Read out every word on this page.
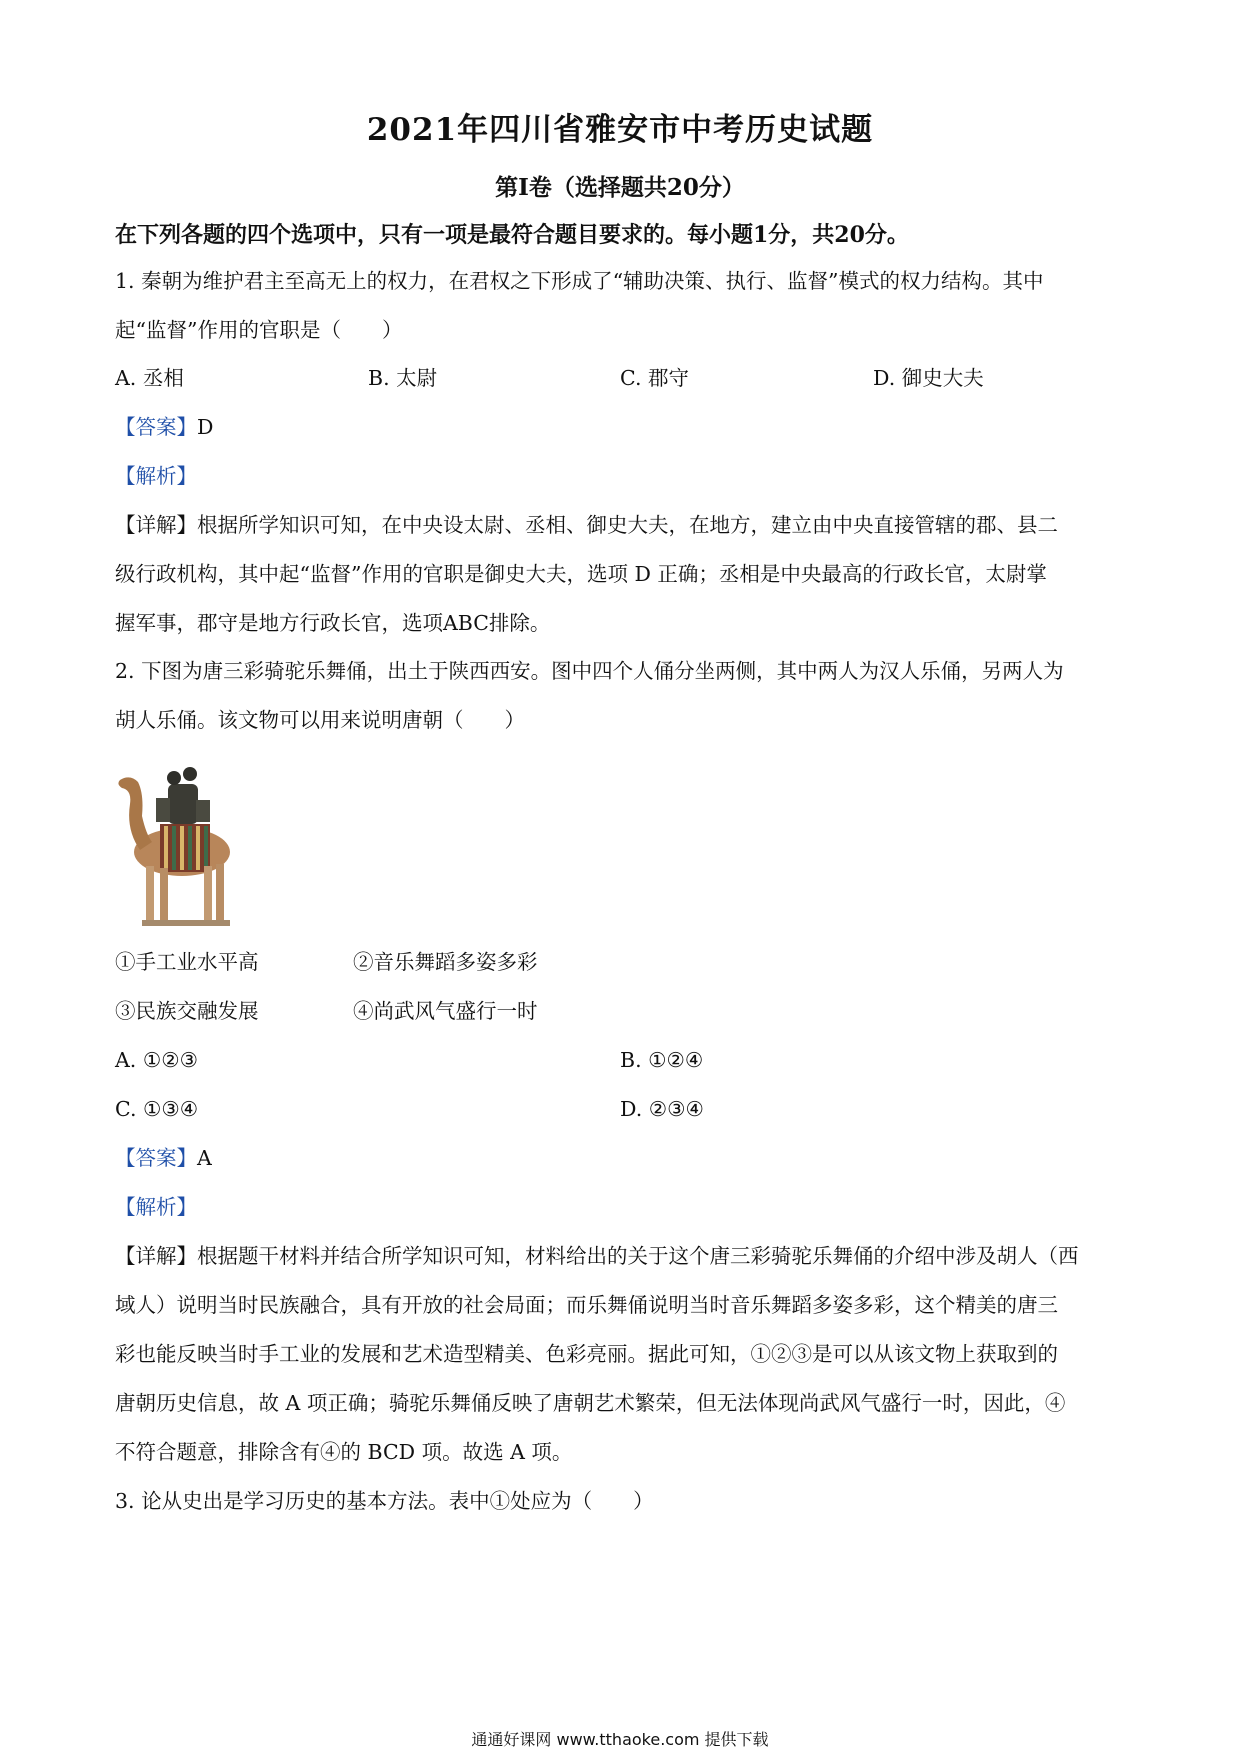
2021年四川省雅安市中考历史试题
第Ⅰ卷（选择题共20分）
在下列各题的四个选项中，只有一项是最符合题目要求的。每小题1分，共20分。
1. 秦朝为维护君主至高无上的权力，在君权之下形成了“辅助决策、执行、监督”模式的权力结构。其中
起“监督”作用的官职是（　　）
A. 丞相	B. 太尉	C. 郡守	D. 御史大夫
【答案】D
【解析】
【详解】根据所学知识可知，在中央设太尉、丞相、御史大夫，在地方，建立由中央直接管辖的郡、县二
级行政机构，其中起“监督”作用的官职是御史大夫，选项 D 正确；丞相是中央最高的行政长官，太尉掌
握军事，郡守是地方行政长官，选项ABC排除。
2. 下图为唐三彩骑驼乐舞俑，出土于陕西西安。图中四个人俑分坐两侧，其中两人为汉人乐俑，另两人为
胡人乐俑。该文物可以用来说明唐朝（　　）
①手工业水平高	②音乐舞蹈多姿多彩
③民族交融发展	④尚武风气盛行一时
A. ①②③	B. ①②④
C. ①③④	D. ②③④
【答案】A
【解析】
【详解】根据题干材料并结合所学知识可知，材料给出的关于这个唐三彩骑驼乐舞俑的介绍中涉及胡人（西
域人）说明当时民族融合，具有开放的社会局面；而乐舞俑说明当时音乐舞蹈多姿多彩，这个精美的唐三
彩也能反映当时手工业的发展和艺术造型精美、色彩亮丽。据此可知，①②③是可以从该文物上获取到的
唐朝历史信息，故 A 项正确；骑驼乐舞俑反映了唐朝艺术繁荣，但无法体现尚武风气盛行一时，因此，④
不符合题意，排除含有④的 BCD 项。故选 A 项。
3. 论从史出是学习历史的基本方法。表中①处应为（　　）
通通好课网 www.tthaoke.com 提供下载
